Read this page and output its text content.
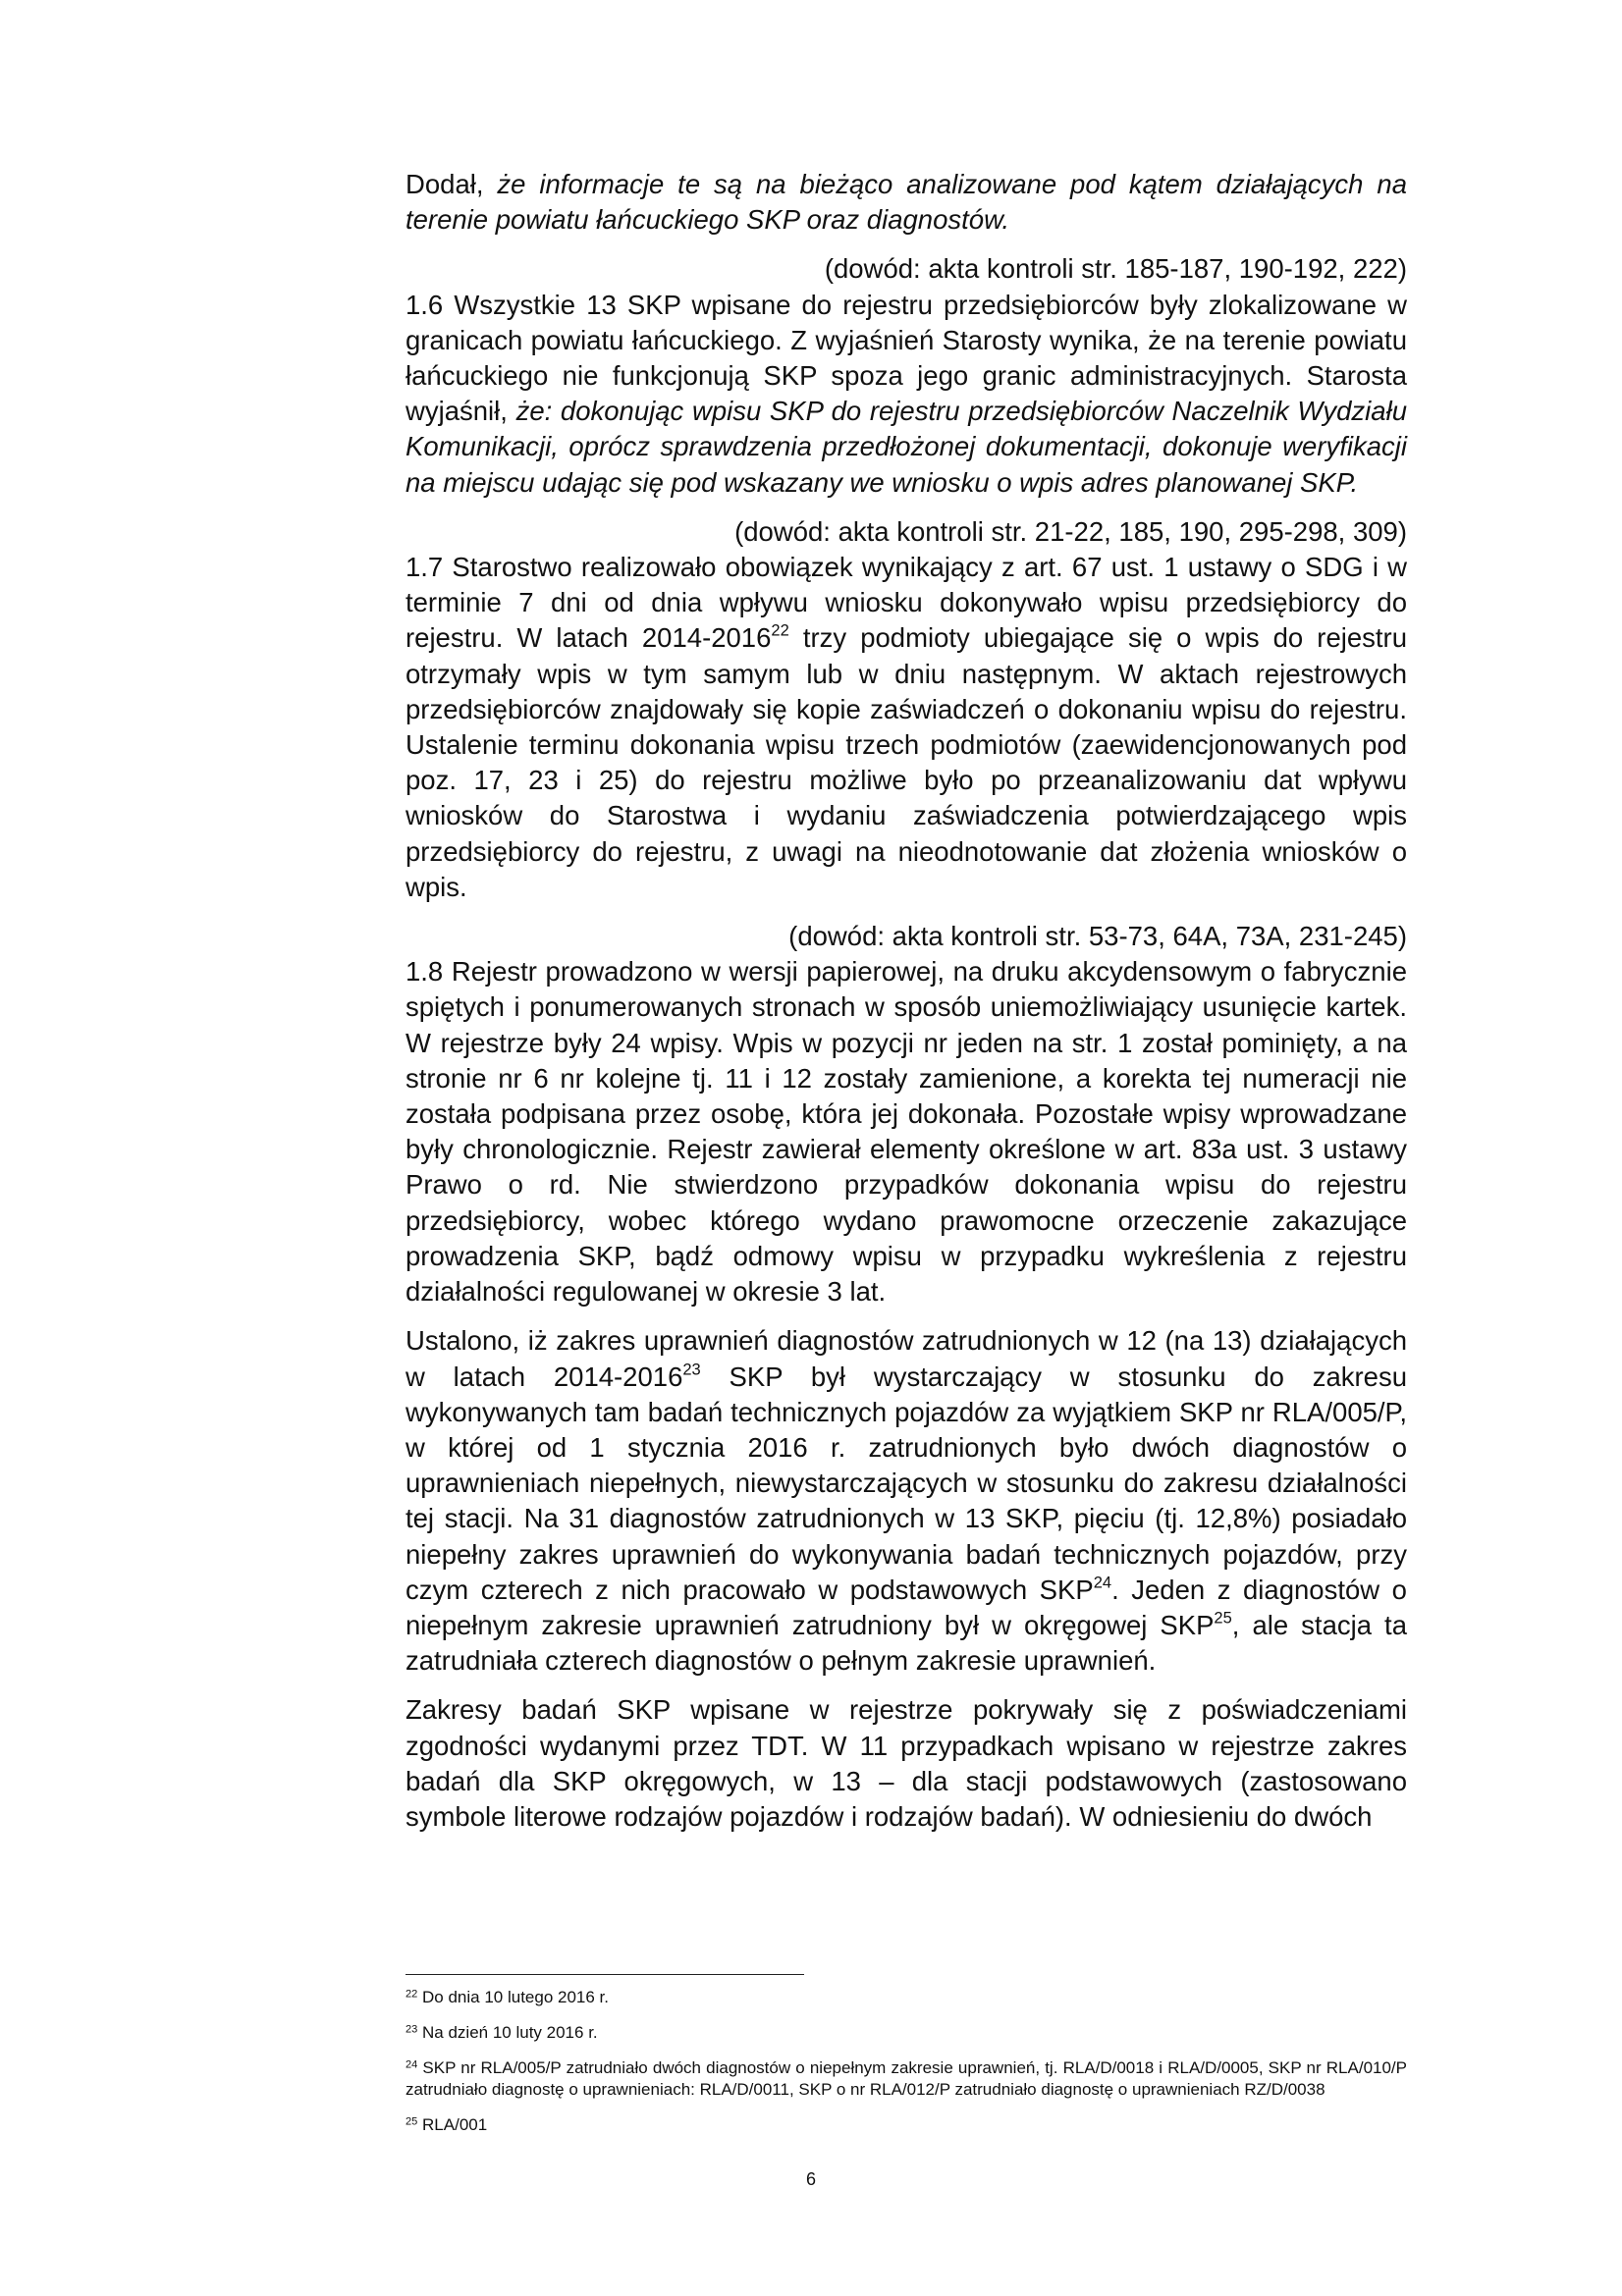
Dodał, że informacje te są na bieżąco analizowane pod kątem działających na terenie powiatu łańcuckiego SKP oraz diagnostów.

(dowód: akta kontroli str. 185-187, 190-192, 222)

1.6 Wszystkie 13 SKP wpisane do rejestru przedsiębiorców były zlokalizowane w granicach powiatu łańcuckiego. Z wyjaśnień Starosty wynika, że na terenie powiatu łańcuckiego nie funkcjonują SKP spoza jego granic administracyjnych. Starosta wyjaśnił, że: dokonując wpisu SKP do rejestru przedsiębiorców Naczelnik Wydziału Komunikacji, oprócz sprawdzenia przedłożonej dokumentacji, dokonuje weryfikacji na miejscu udając się pod wskazany we wniosku o wpis adres planowanej SKP.

(dowód: akta kontroli str. 21-22, 185, 190, 295-298, 309)

1.7 Starostwo realizowało obowiązek wynikający z art. 67 ust. 1 ustawy o SDG i w terminie 7 dni od dnia wpływu wniosku dokonywało wpisu przedsiębiorcy do rejestru. W latach 2014-2016$^{22}$ trzy podmioty ubiegające się o wpis do rejestru otrzymały wpis w tym samym lub w dniu następnym. W aktach rejestrowych przedsiębiorców znajdowały się kopie zaświadczeń o dokonaniu wpisu do rejestru. Ustalenie terminu dokonania wpisu trzech podmiotów (zaewidencjonowanych pod poz. 17, 23 i 25) do rejestru możliwe było po przeanalizowaniu dat wpływu wniosków do Starostwa i wydaniu zaświadczenia potwierdzającego wpis przedsiębiorcy do rejestru, z uwagi na nieodnotowanie dat złożenia wniosków o wpis.

(dowód: akta kontroli str. 53-73, 64A, 73A, 231-245)

1.8 Rejestr prowadzono w wersji papierowej, na druku akcydensowym o fabrycznie spiętych i ponumerowanych stronach w sposób uniemożliwiający usunięcie kartek. W rejestrze były 24 wpisy. Wpis w pozycji nr jeden na str. 1 został pominięty, a na stronie nr 6 nr kolejne tj. 11 i 12 zostały zamienione, a korekta tej numeracji nie została podpisana przez osobę, która jej dokonała. Pozostałe wpisy wprowadzane były chronologicznie. Rejestr zawierał elementy określone w art. 83a ust. 3 ustawy Prawo o rd. Nie stwierdzono przypadków dokonania wpisu do rejestru przedsiębiorcy, wobec którego wydano prawomocne orzeczenie zakazujące prowadzenia SKP, bądź odmowy wpisu w przypadku wykreślenia z rejestru działalności regulowanej w okresie 3 lat.

Ustalono, iż zakres uprawnień diagnostów zatrudnionych w 12 (na 13) działających w latach 2014-2016$^{23}$ SKP był wystarczający w stosunku do zakresu wykonywanych tam badań technicznych pojazdów za wyjątkiem SKP nr RLA/005/P, w której od 1 stycznia 2016 r. zatrudnionych było dwóch diagnostów o uprawnieniach niepełnych, niewystarczających w stosunku do zakresu działalności tej stacji. Na 31 diagnostów zatrudnionych w 13 SKP, pięciu (tj. 12,8%) posiadało niepełny zakres uprawnień do wykonywania badań technicznych pojazdów, przy czym czterech z nich pracowało w podstawowych SKP$^{24}$. Jeden z diagnostów o niepełnym zakresie uprawnień zatrudniony był w okręgowej SKP$^{25}$, ale stacja ta zatrudniała czterech diagnostów o pełnym zakresie uprawnień.

Zakresy badań SKP wpisane w rejestrze pokrywały się z poświadczeniami zgodności wydanymi przez TDT. W 11 przypadkach wpisano w rejestrze zakres badań dla SKP okręgowych, w 13 – dla stacji podstawowych (zastosowano symbole literowe rodzajów pojazdów i rodzajów badań). W odniesieniu do dwóch

$^{22}$ Do dnia 10 lutego 2016 r.

$^{23}$ Na dzień 10 luty 2016 r.

$^{24}$ SKP nr RLA/005/P zatrudniało dwóch diagnostów o niepełnym zakresie uprawnień, tj. RLA/D/0018 i RLA/D/0005, SKP nr RLA/010/P zatrudniało diagnostę o uprawnieniach: RLA/D/0011, SKP o nr RLA/012/P zatrudniało diagnostę o uprawnieniach RZ/D/0038

$^{25}$ RLA/001

6
